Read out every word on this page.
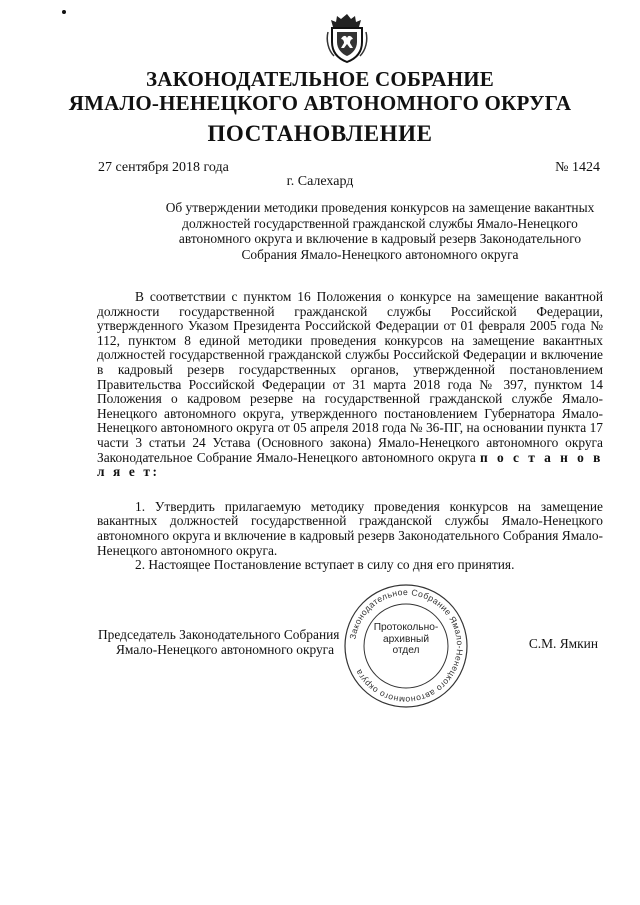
ЗАКОНОДАТЕЛЬНОЕ СОБРАНИЕ
ЯМАЛО-НЕНЕЦКОГО АВТОНОМНОГО ОКРУГА
ПОСТАНОВЛЕНИЕ
27 сентября 2018 года	№ 1424
г. Салехард
Об утверждении методики проведения конкурсов на замещение вакантных
должностей государственной гражданской службы Ямало-Ненецкого
автономного округа и включение в кадровый резерв Законодательного
Собрания Ямало-Ненецкого автономного округа

В соответствии с пунктом 16 Положения о конкурсе на замещение вакантной должности государственной гражданской службы Российской Федерации, утвержденного Указом Президента Российской Федерации от 01 февраля 2005 года № 112, пунктом 8 единой методики проведения конкурсов на замещение вакантных должностей государственной гражданской службы Российской Федерации и включение в кадровый резерв государственных органов, утвержденной постановлением Правительства Российской Федерации от 31 марта 2018 года № 397, пунктом 14 Положения о кадровом резерве на государственной гражданской службе Ямало-Ненецкого автономного округа, утвержденного постановлением Губернатора Ямало-Ненецкого автономного округа от 05 апреля 2018 года № 36-ПГ, на основании пункта 17 части 3 статьи 24 Устава (Основного закона) Ямало-Ненецкого автономного округа Законодательное Собрание Ямало-Ненецкого автономного округа п о с т а н о в л я е т:

1. Утвердить прилагаемую методику проведения конкурсов на замещение вакантных должностей государственной гражданской службы Ямало-Ненецкого автономного округа и включение в кадровый резерв Законодательного Собрания Ямало-Ненецкого автономного округа.

2. Настоящее Постановление вступает в силу со дня его принятия.

Председатель Законодательного Собрания
Ямало-Ненецкого автономного округа	С.М. Ямкин
Законодательное Собрание Ямало-Ненецкого автономного округа
Протокольно-
архивный
отдел
